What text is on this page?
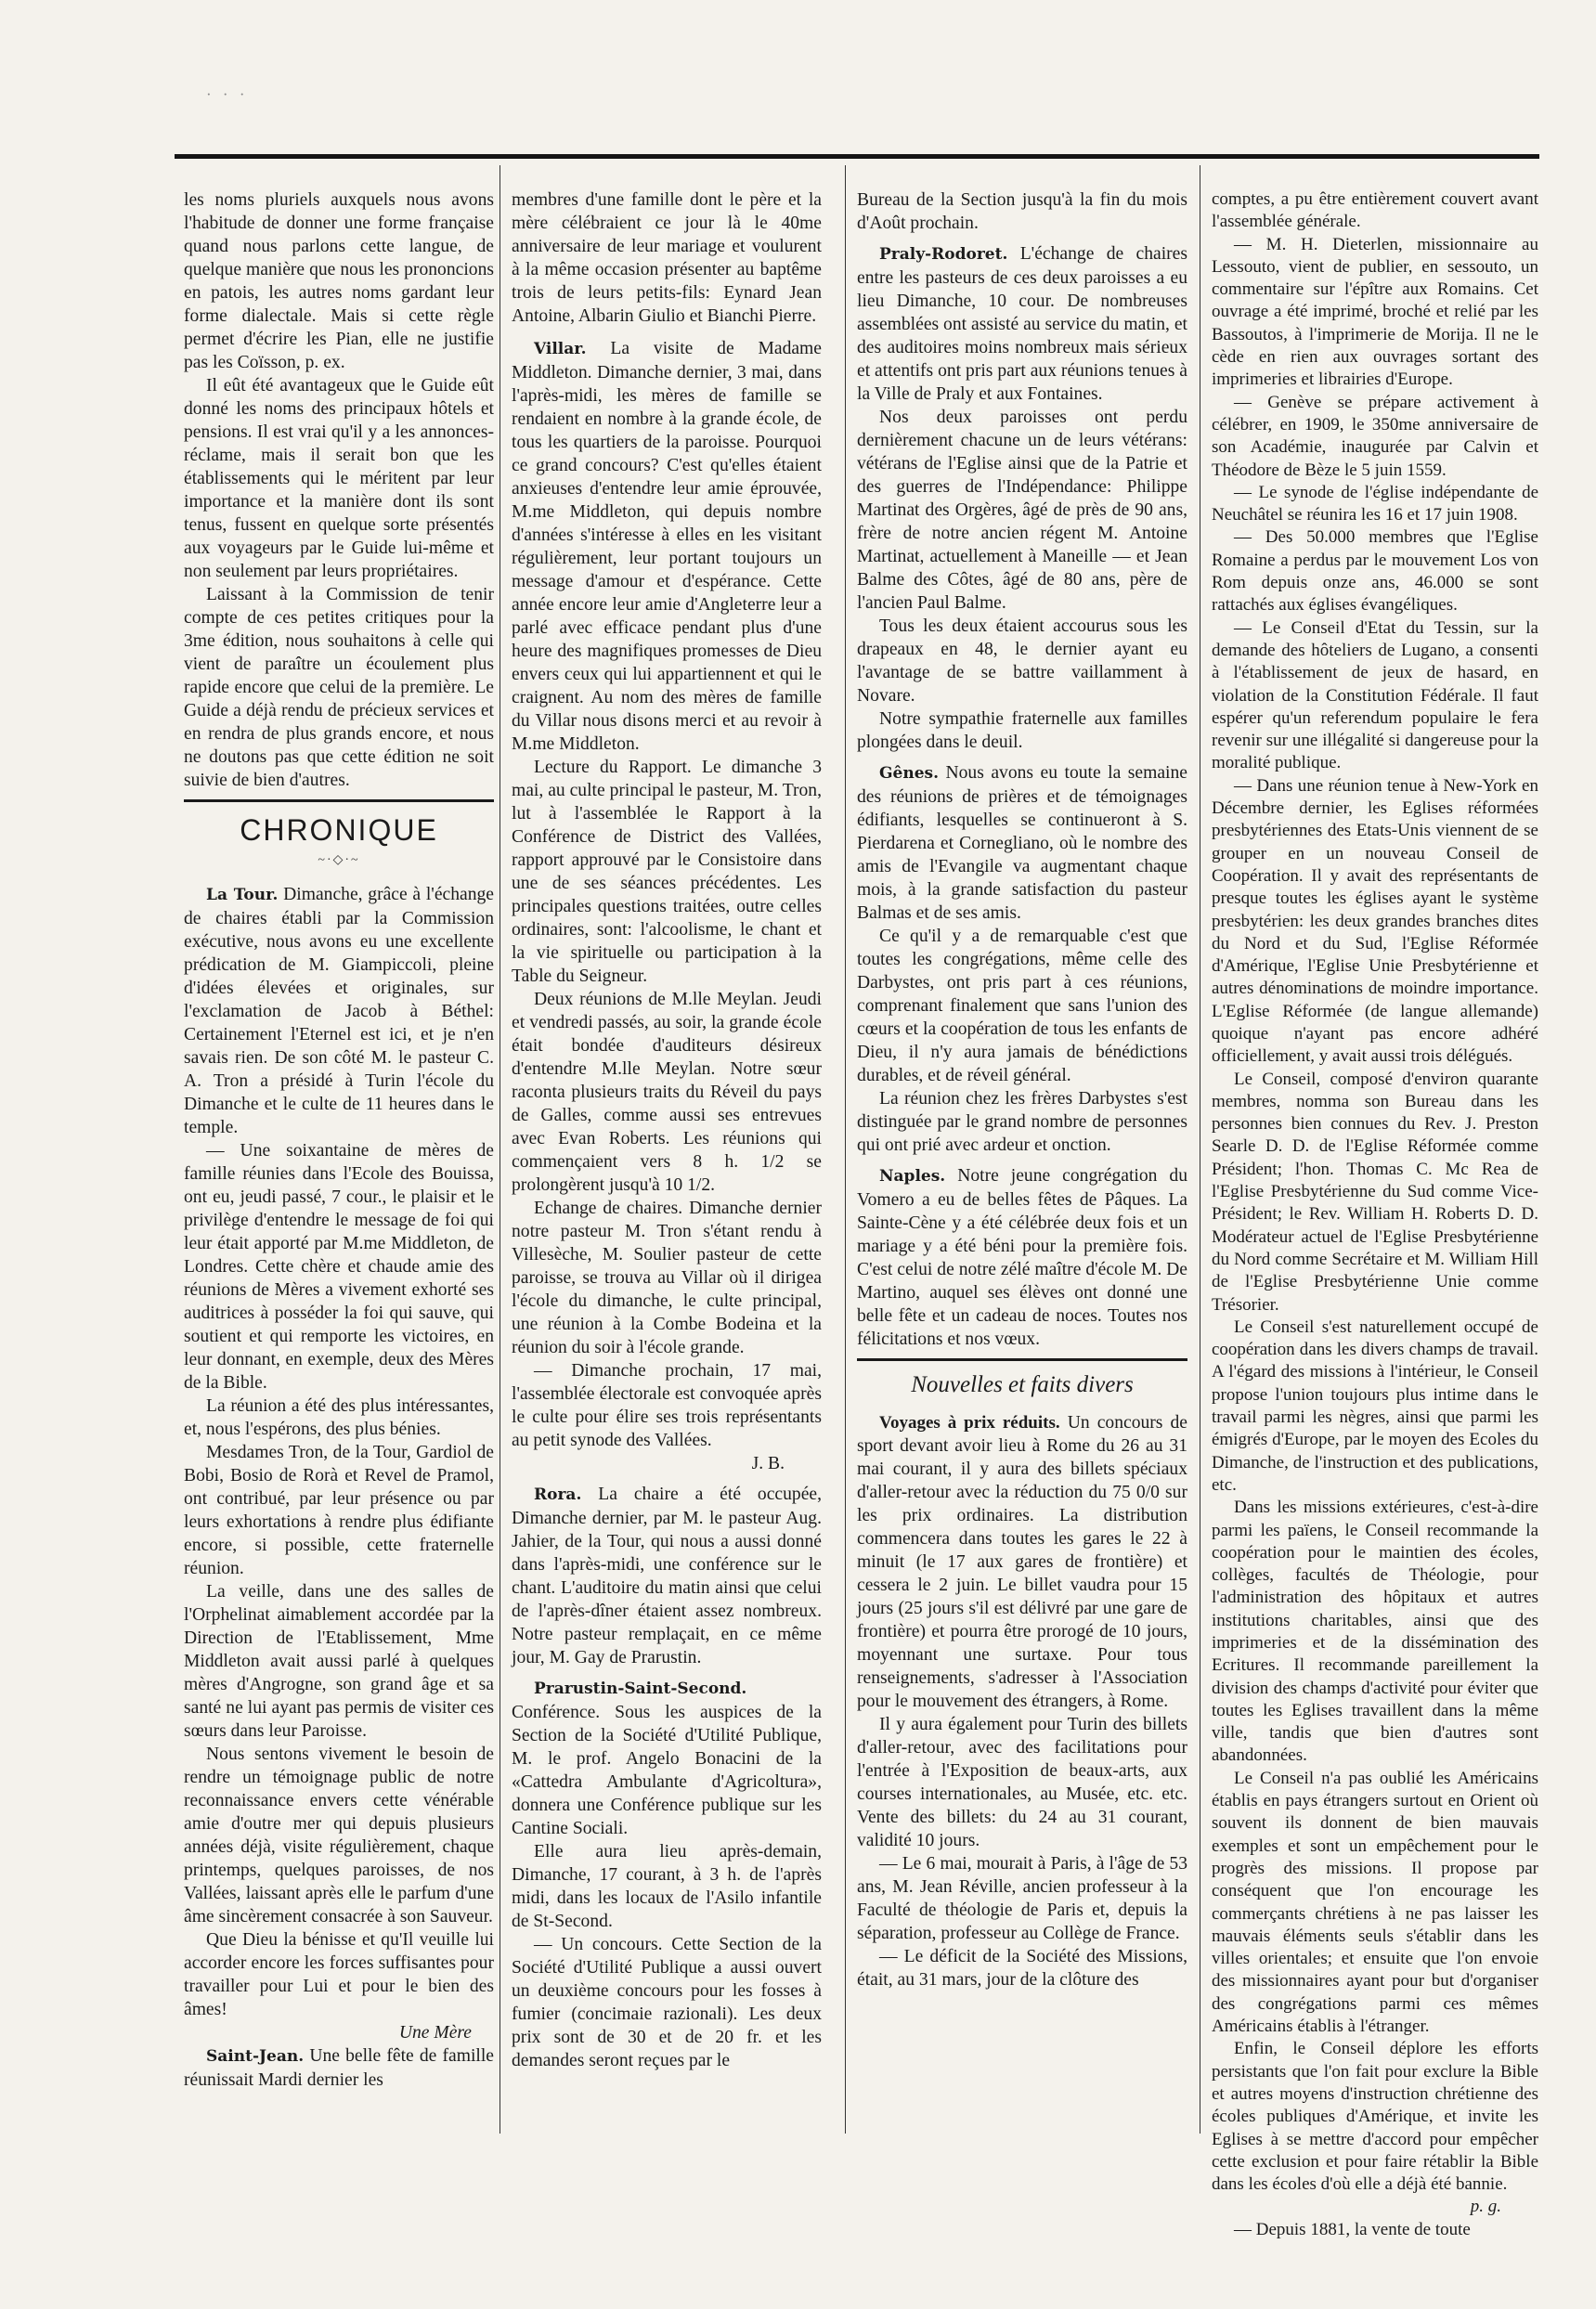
· · ·

les noms pluriels auxquels nous avons l'habitude de donner une forme française quand nous parlons cette langue, de quelque manière que nous les prononcions en patois, les autres noms gardant leur forme dialectale. Mais si cette règle permet d'écrire les Pian, elle ne justifie pas les Coïsson, p. ex.

Il eût été avantageux que le Guide eût donné les noms des principaux hôtels et pensions. Il est vrai qu'il y a les annonces-réclame, mais il serait bon que les établissements qui le méritent par leur importance et la manière dont ils sont tenus, fussent en quelque sorte présentés aux voyageurs par le Guide lui-même et non seulement par leurs propriétaires.

Laissant à la Commission de tenir compte de ces petites critiques pour la 3me édition, nous souhaitons à celle qui vient de paraître un écoulement plus rapide encore que celui de la première. Le Guide a déjà rendu de précieux services et en rendra de plus grands encore, et nous ne doutons pas que cette édition ne soit suivie de bien d'autres.

CHRONIQUE
~·◇·~

La Tour. Dimanche, grâce à l'échange de chaires établi par la Commission exécutive, nous avons eu une excellente prédication de M. Giampiccoli, pleine d'idées élevées et originales, sur l'exclamation de Jacob à Béthel: Certainement l'Eternel est ici, et je n'en savais rien. De son côté M. le pasteur C. A. Tron a présidé à Turin l'école du Dimanche et le culte de 11 heures dans le temple.

— Une soixantaine de mères de famille réunies dans l'Ecole des Bouissa, ont eu, jeudi passé, 7 cour., le plaisir et le privilège d'entendre le message de foi qui leur était apporté par M.me Middleton, de Londres. Cette chère et chaude amie des réunions de Mères a vivement exhorté ses auditrices à posséder la foi qui sauve, qui soutient et qui remporte les victoires, en leur donnant, en exemple, deux des Mères de la Bible.

La réunion a été des plus intéressantes, et, nous l'espérons, des plus bénies.

Mesdames Tron, de la Tour, Gardiol de Bobi, Bosio de Rorà et Revel de Pramol, ont contribué, par leur présence ou par leurs exhortations à rendre plus édifiante encore, si possible, cette fraternelle réunion.

La veille, dans une des salles de l'Orphelinat aimablement accordée par la Direction de l'Etablissement, Mme Middleton avait aussi parlé à quelques mères d'Angrogne, son grand âge et sa santé ne lui ayant pas permis de visiter ces sœurs dans leur Paroisse.

Nous sentons vivement le besoin de rendre un témoignage public de notre reconnaissance envers cette vénérable amie d'outre mer qui depuis plusieurs années déjà, visite régulièrement, chaque printemps, quelques paroisses, de nos Vallées, laissant après elle le parfum d'une âme sincèrement consacrée à son Sauveur.

Que Dieu la bénisse et qu'Il veuille lui accorder encore les forces suffisantes pour travailler pour Lui et pour le bien des âmes!

Une Mère

Saint-Jean. Une belle fête de famille réunissait Mardi dernier les

membres d'une famille dont le père et la mère célébraient ce jour là le 40me anniversaire de leur mariage et voulurent à la même occasion présenter au baptême trois de leurs petits-fils: Eynard Jean Antoine, Albarin Giulio et Bianchi Pierre.

Villar. La visite de Madame Middleton. Dimanche dernier, 3 mai, dans l'après-midi, les mères de famille se rendaient en nombre à la grande école, de tous les quartiers de la paroisse. Pourquoi ce grand concours? C'est qu'elles étaient anxieuses d'entendre leur amie éprouvée, M.me Middleton, qui depuis nombre d'années s'intéresse à elles en les visitant régulièrement, leur portant toujours un message d'amour et d'espérance. Cette année encore leur amie d'Angleterre leur a parlé avec efficace pendant plus d'une heure des magnifiques promesses de Dieu envers ceux qui lui appartiennent et qui le craignent. Au nom des mères de famille du Villar nous disons merci et au revoir à M.me Middleton.

Lecture du Rapport. Le dimanche 3 mai, au culte principal le pasteur, M. Tron, lut à l'assemblée le Rapport à la Conférence de District des Vallées, rapport approuvé par le Consistoire dans une de ses séances précédentes. Les principales questions traitées, outre celles ordinaires, sont: l'alcoolisme, le chant et la vie spirituelle ou participation à la Table du Seigneur.

Deux réunions de M.lle Meylan. Jeudi et vendredi passés, au soir, la grande école était bondée d'auditeurs désireux d'entendre M.lle Meylan. Notre sœur raconta plusieurs traits du Réveil du pays de Galles, comme aussi ses entrevues avec Evan Roberts. Les réunions qui commençaient vers 8 h. 1/2 se prolongèrent jusqu'à 10 1/2.

Echange de chaires. Dimanche dernier notre pasteur M. Tron s'étant rendu à Villesèche, M. Soulier pasteur de cette paroisse, se trouva au Villar où il dirigea l'école du dimanche, le culte principal, une réunion à la Combe Bodeina et la réunion du soir à l'école grande.

— Dimanche prochain, 17 mai, l'assemblée électorale est convoquée après le culte pour élire ses trois représentants au petit synode des Vallées.

J. B.

Rora. La chaire a été occupée, Dimanche dernier, par M. le pasteur Aug. Jahier, de la Tour, qui nous a aussi donné dans l'après-midi, une conférence sur le chant. L'auditoire du matin ainsi que celui de l'après-dîner étaient assez nombreux. Notre pasteur remplaçait, en ce même jour, M. Gay de Prarustin.

Prarustin-Saint-Second. Conférence. Sous les auspices de la Section de la Société d'Utilité Publique, M. le prof. Angelo Bonacini de la «Cattedra Ambulante d'Agricoltura», donnera une Conférence publique sur les Cantine Sociali.

Elle aura lieu après-demain, Dimanche, 17 courant, à 3 h. de l'après midi, dans les locaux de l'Asilo infantile de St-Second.

— Un concours. Cette Section de la Société d'Utilité Publique a aussi ouvert un deuxième concours pour les fosses à fumier (concimaie razionali). Les deux prix sont de 30 et de 20 fr. et les demandes seront reçues par le

Bureau de la Section jusqu'à la fin du mois d'Août prochain.

Praly-Rodoret. L'échange de chaires entre les pasteurs de ces deux paroisses a eu lieu Dimanche, 10 cour. De nombreuses assemblées ont assisté au service du matin, et des auditoires moins nombreux mais sérieux et attentifs ont pris part aux réunions tenues à la Ville de Praly et aux Fontaines.

Nos deux paroisses ont perdu dernièrement chacune un de leurs vétérans: vétérans de l'Eglise ainsi que de la Patrie et des guerres de l'Indépendance: Philippe Martinat des Orgères, âgé de près de 90 ans, frère de notre ancien régent M. Antoine Martinat, actuellement à Maneille — et Jean Balme des Côtes, âgé de 80 ans, père de l'ancien Paul Balme.

Tous les deux étaient accourus sous les drapeaux en 48, le dernier ayant eu l'avantage de se battre vaillamment à Novare.

Notre sympathie fraternelle aux familles plongées dans le deuil.

Gênes. Nous avons eu toute la semaine des réunions de prières et de témoignages édifiants, lesquelles se continueront à S. Pierdarena et Cornegliano, où le nombre des amis de l'Evangile va augmentant chaque mois, à la grande satisfaction du pasteur Balmas et de ses amis.

Ce qu'il y a de remarquable c'est que toutes les congrégations, même celle des Darbystes, ont pris part à ces réunions, comprenant finalement que sans l'union des cœurs et la coopération de tous les enfants de Dieu, il n'y aura jamais de bénédictions durables, et de réveil général.

La réunion chez les frères Darbystes s'est distinguée par le grand nombre de personnes qui ont prié avec ardeur et onction.

Naples. Notre jeune congrégation du Vomero a eu de belles fêtes de Pâques. La Sainte-Cène y a été célébrée deux fois et un mariage y a été béni pour la première fois. C'est celui de notre zélé maître d'école M. De Martino, auquel ses élèves ont donné une belle fête et un cadeau de noces. Toutes nos félicitations et nos vœux.

Nouvelles et faits divers

Voyages à prix réduits. Un concours de sport devant avoir lieu à Rome du 26 au 31 mai courant, il y aura des billets spéciaux d'aller-retour avec la réduction du 75 0/0 sur les prix ordinaires. La distribution commencera dans toutes les gares le 22 à minuit (le 17 aux gares de frontière) et cessera le 2 juin. Le billet vaudra pour 15 jours (25 jours s'il est délivré par une gare de frontière) et pourra être prorogé de 10 jours, moyennant une surtaxe. Pour tous renseignements, s'adresser à l'Association pour le mouvement des étrangers, à Rome.

Il y aura également pour Turin des billets d'aller-retour, avec des facilitations pour l'entrée à l'Exposition de beaux-arts, aux courses internationales, au Musée, etc. etc. Vente des billets: du 24 au 31 courant, validité 10 jours.

— Le 6 mai, mourait à Paris, à l'âge de 53 ans, M. Jean Réville, ancien professeur à la Faculté de théologie de Paris et, depuis la séparation, professeur au Collège de France.

— Le déficit de la Société des Missions, était, au 31 mars, jour de la clôture des

comptes, a pu être entièrement couvert avant l'assemblée générale.

— M. H. Dieterlen, missionnaire au Lessouto, vient de publier, en sessouto, un commentaire sur l'épître aux Romains. Cet ouvrage a été imprimé, broché et relié par les Bassoutos, à l'imprimerie de Morija. Il ne le cède en rien aux ouvrages sortant des imprimeries et librairies d'Europe.

— Genève se prépare activement à célébrer, en 1909, le 350me anniversaire de son Académie, inaugurée par Calvin et Théodore de Bèze le 5 juin 1559.

— Le synode de l'église indépendante de Neuchâtel se réunira les 16 et 17 juin 1908.

— Des 50.000 membres que l'Eglise Romaine a perdus par le mouvement Los von Rom depuis onze ans, 46.000 se sont rattachés aux églises évangéliques.

— Le Conseil d'Etat du Tessin, sur la demande des hôteliers de Lugano, a consenti à l'établissement de jeux de hasard, en violation de la Constitution Fédérale. Il faut espérer qu'un referendum populaire le fera revenir sur une illégalité si dangereuse pour la moralité publique.

— Dans une réunion tenue à New-York en Décembre dernier, les Eglises réformées presbytériennes des Etats-Unis viennent de se grouper en un nouveau Conseil de Coopération. Il y avait des représentants de presque toutes les églises ayant le système presbytérien: les deux grandes branches dites du Nord et du Sud, l'Eglise Réformée d'Amérique, l'Eglise Unie Presbytérienne et autres dénominations de moindre importance. L'Eglise Réformée (de langue allemande) quoique n'ayant pas encore adhéré officiellement, y avait aussi trois délégués.

Le Conseil, composé d'environ quarante membres, nomma son Bureau dans les personnes bien connues du Rev. J. Preston Searle D. D. de l'Eglise Réformée comme Président; l'hon. Thomas C. Mc Rea de l'Eglise Presbytérienne du Sud comme Vice-Président; le Rev. William H. Roberts D. D. Modérateur actuel de l'Eglise Presbytérienne du Nord comme Secrétaire et M. William Hill de l'Eglise Presbytérienne Unie comme Trésorier.

Le Conseil s'est naturellement occupé de coopération dans les divers champs de travail. A l'égard des missions à l'intérieur, le Conseil propose l'union toujours plus intime dans le travail parmi les nègres, ainsi que parmi les émigrés d'Europe, par le moyen des Ecoles du Dimanche, de l'instruction et des publications, etc.

Dans les missions extérieures, c'est-à-dire parmi les païens, le Conseil recommande la coopération pour le maintien des écoles, collèges, facultés de Théologie, pour l'administration des hôpitaux et autres institutions charitables, ainsi que des imprimeries et de la dissémination des Ecritures. Il recommande pareillement la division des champs d'activité pour éviter que toutes les Eglises travaillent dans la même ville, tandis que bien d'autres sont abandonnées.

Le Conseil n'a pas oublié les Américains établis en pays étrangers surtout en Orient où souvent ils donnent de bien mauvais exemples et sont un empêchement pour le progrès des missions. Il propose par conséquent que l'on encourage les commerçants chrétiens à ne pas laisser les mauvais éléments seuls s'établir dans les villes orientales; et ensuite que l'on envoie des missionnaires ayant pour but d'organiser des congrégations parmi ces mêmes Américains établis à l'étranger.

Enfin, le Conseil déplore les efforts persistants que l'on fait pour exclure la Bible et autres moyens d'instruction chrétienne des écoles publiques d'Amérique, et invite les Eglises à se mettre d'accord pour empêcher cette exclusion et pour faire rétablir la Bible dans les écoles d'où elle a déjà été bannie.

p. g.

— Depuis 1881, la vente de toute
